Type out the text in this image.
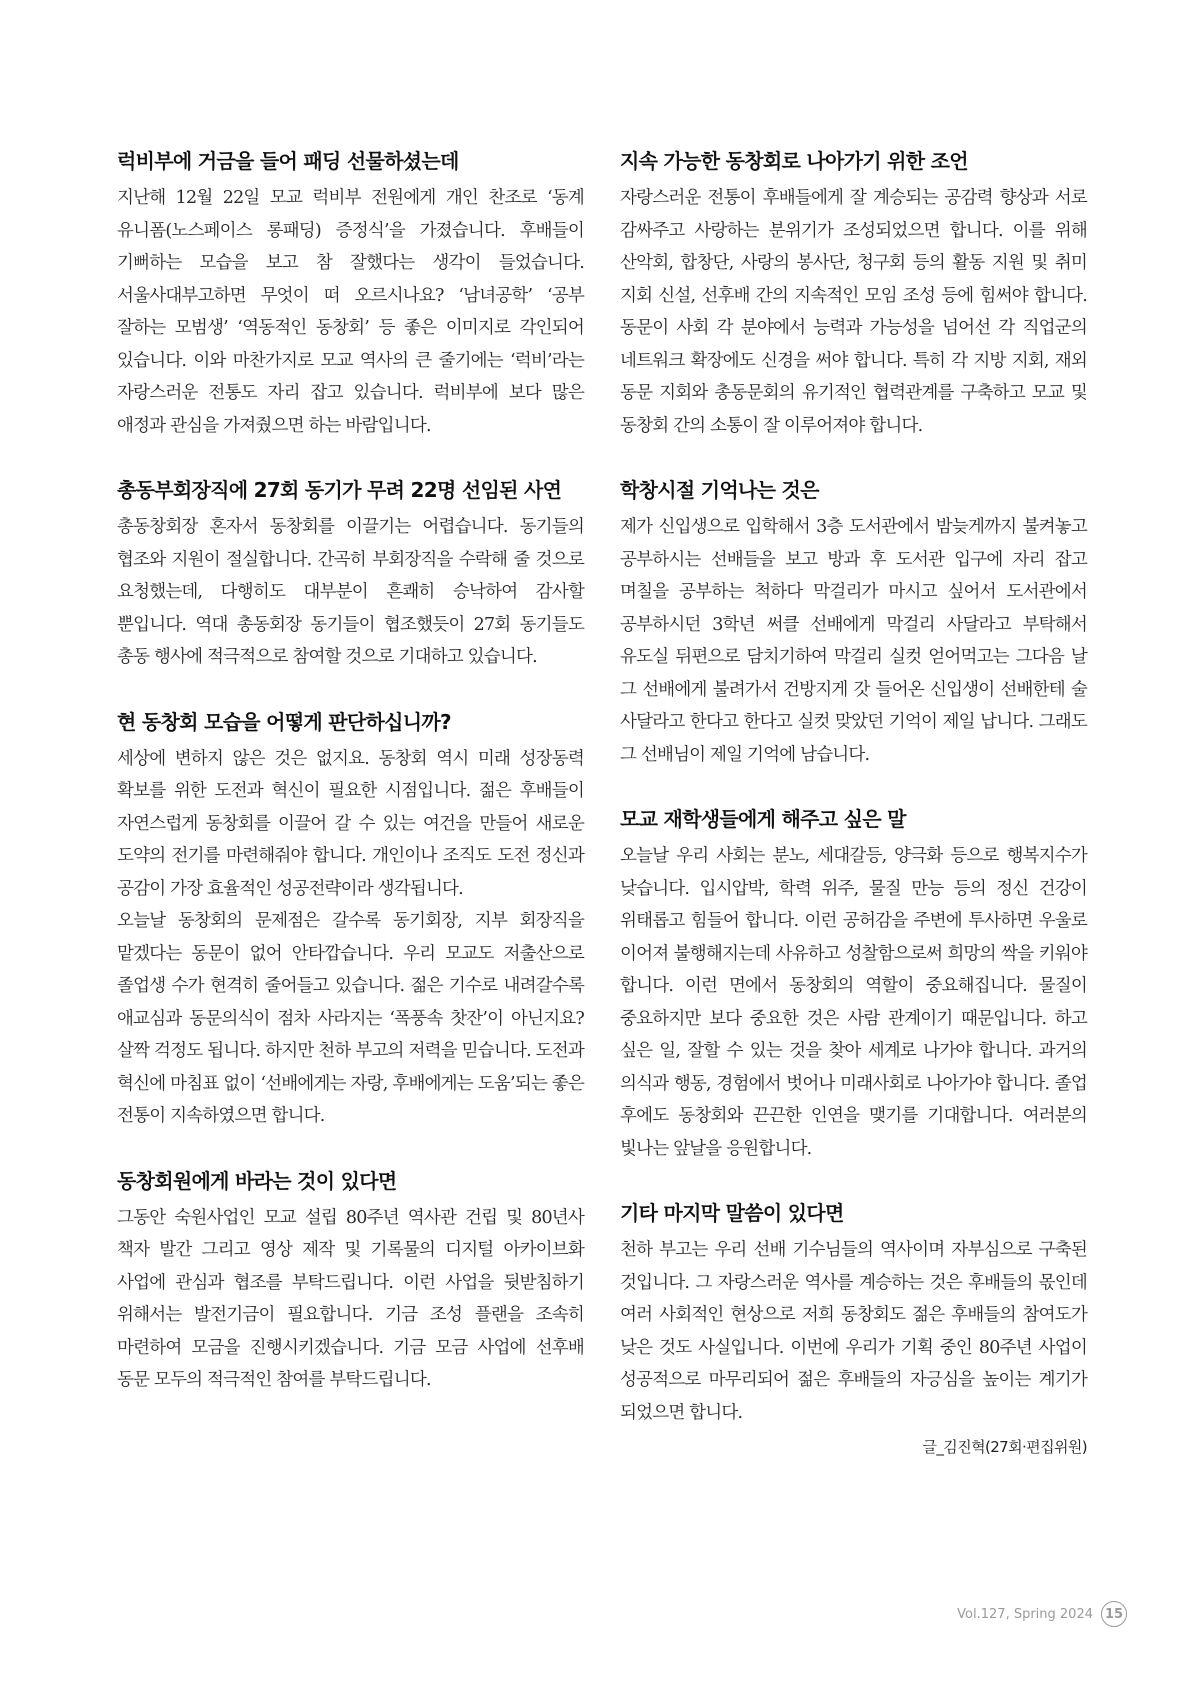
럭비부에 거금을 들어 패딩 선물하셨는데

지난해 12월 22일 모교 럭비부 전원에게 개인 찬조로 ‘동계 유니폼(노스페이스 롱패딩) 증정식’을 가졌습니다. 후배들이 기뻐하는 모습을 보고 참 잘했다는 생각이 들었습니다. 서울사대부고하면 무엇이 떠 오르시나요? ‘남녀공학’ ‘공부 잘하는 모범생’ ‘역동적인 동창회’ 등 좋은 이미지로 각인되어 있습니다. 이와 마찬가지로 모교 역사의 큰 줄기에는 ‘럭비’라는 자랑스러운 전통도 자리 잡고 있습니다. 럭비부에 보다 많은 애정과 관심을 가져줬으면 하는 바람입니다.

총동부회장직에 27회 동기가 무려 22명 선임된 사연

총동창회장 혼자서 동창회를 이끌기는 어렵습니다. 동기들의 협조와 지원이 절실합니다. 간곡히 부회장직을 수락해 줄 것으로 요청했는데, 다행히도 대부분이 흔쾌히 승낙하여 감사할 뿐입니다. 역대 총동회장 동기들이 협조했듯이 27회 동기들도 총동 행사에 적극적으로 참여할 것으로 기대하고 있습니다.

현 동창회 모습을 어떻게 판단하십니까?

세상에 변하지 않은 것은 없지요. 동창회 역시 미래 성장동력 확보를 위한 도전과 혁신이 필요한 시점입니다. 젊은 후배들이 자연스럽게 동창회를 이끌어 갈 수 있는 여건을 만들어 새로운 도약의 전기를 마련해줘야 합니다. 개인이나 조직도 도전 정신과 공감이 가장 효율적인 성공전략이라 생각됩니다.

오늘날 동창회의 문제점은 갈수록 동기회장, 지부 회장직을 맡겠다는 동문이 없어 안타깝습니다. 우리 모교도 저출산으로 졸업생 수가 현격히 줄어들고 있습니다. 젊은 기수로 내려갈수록 애교심과 동문의식이 점차 사라지는 ‘폭풍속 찻잔’이 아닌지요? 살짝 걱정도 됩니다. 하지만 천하 부고의 저력을 믿습니다. 도전과 혁신에 마침표 없이 ‘선배에게는 자랑, 후배에게는 도움’되는 좋은 전통이 지속하였으면 합니다.

동창회원에게 바라는 것이 있다면

그동안 숙원사업인 모교 설립 80주년 역사관 건립 및 80년사 책자 발간 그리고 영상 제작 및 기록물의 디지털 아카이브화 사업에 관심과 협조를 부탁드립니다. 이런 사업을 뒷받침하기 위해서는 발전기금이 필요합니다. 기금 조성 플랜을 조속히 마련하여 모금을 진행시키겠습니다. 기금 모금 사업에 선후배 동문 모두의 적극적인 참여를 부탁드립니다.

지속 가능한 동창회로 나아가기 위한 조언

자랑스러운 전통이 후배들에게 잘 계승되는 공감력 향상과 서로 감싸주고 사랑하는 분위기가 조성되었으면 합니다. 이를 위해 산악회, 합창단, 사랑의 봉사단, 청구회 등의 활동 지원 및 취미 지회 신설, 선후배 간의 지속적인 모임 조성 등에 힘써야 합니다. 동문이 사회 각 분야에서 능력과 가능성을 넘어선 각 직업군의 네트워크 확장에도 신경을 써야 합니다. 특히 각 지방 지회, 재외 동문 지회와 총동문회의 유기적인 협력관계를 구축하고 모교 및 동창회 간의 소통이 잘 이루어져야 합니다.

학창시절 기억나는 것은

제가 신입생으로 입학해서 3층 도서관에서 밤늦게까지 불켜놓고 공부하시는 선배들을 보고 방과 후 도서관 입구에 자리 잡고 며칠을 공부하는 척하다 막걸리가 마시고 싶어서 도서관에서 공부하시던 3학년 써클 선배에게 막걸리 사달라고 부탁해서 유도실 뒤편으로 담치기하여 막걸리 실컷 얻어먹고는 그다음 날 그 선배에게 불려가서 건방지게 갓 들어온 신입생이 선배한테 술 사달라고 한다고 한다고 실컷 맞았던 기억이 제일 납니다. 그래도 그 선배님이 제일 기억에 남습니다.

모교 재학생들에게 해주고 싶은 말

오늘날 우리 사회는 분노, 세대갈등, 양극화 등으로 행복지수가 낮습니다. 입시압박, 학력 위주, 물질 만능 등의 정신 건강이 위태롭고 힘들어 합니다. 이런 공허감을 주변에 투사하면 우울로 이어져 불행해지는데 사유하고 성찰함으로써 희망의 싹을 키워야 합니다. 이런 면에서 동창회의 역할이 중요해집니다. 물질이 중요하지만 보다 중요한 것은 사람 관계이기 때문입니다. 하고 싶은 일, 잘할 수 있는 것을 찾아 세계로 나가야 합니다. 과거의 의식과 행동, 경험에서 벗어나 미래사회로 나아가야 합니다. 졸업 후에도 동창회와 끈끈한 인연을 맺기를 기대합니다. 여러분의 빛나는 앞날을 응원합니다.

기타 마지막 말씀이 있다면

천하 부고는 우리 선배 기수님들의 역사이며 자부심으로 구축된 것입니다. 그 자랑스러운 역사를 계승하는 것은 후배들의 몫인데 여러 사회적인 현상으로 저희 동창회도 젊은 후배들의 참여도가 낮은 것도 사실입니다. 이번에 우리가 기획 중인 80주년 사업이 성공적으로 마무리되어 젊은 후배들의 자긍심을 높이는 계기가 되었으면 합니다.

글_김진혁(27회·편집위원)
Vol.127, Spring 2024 15
